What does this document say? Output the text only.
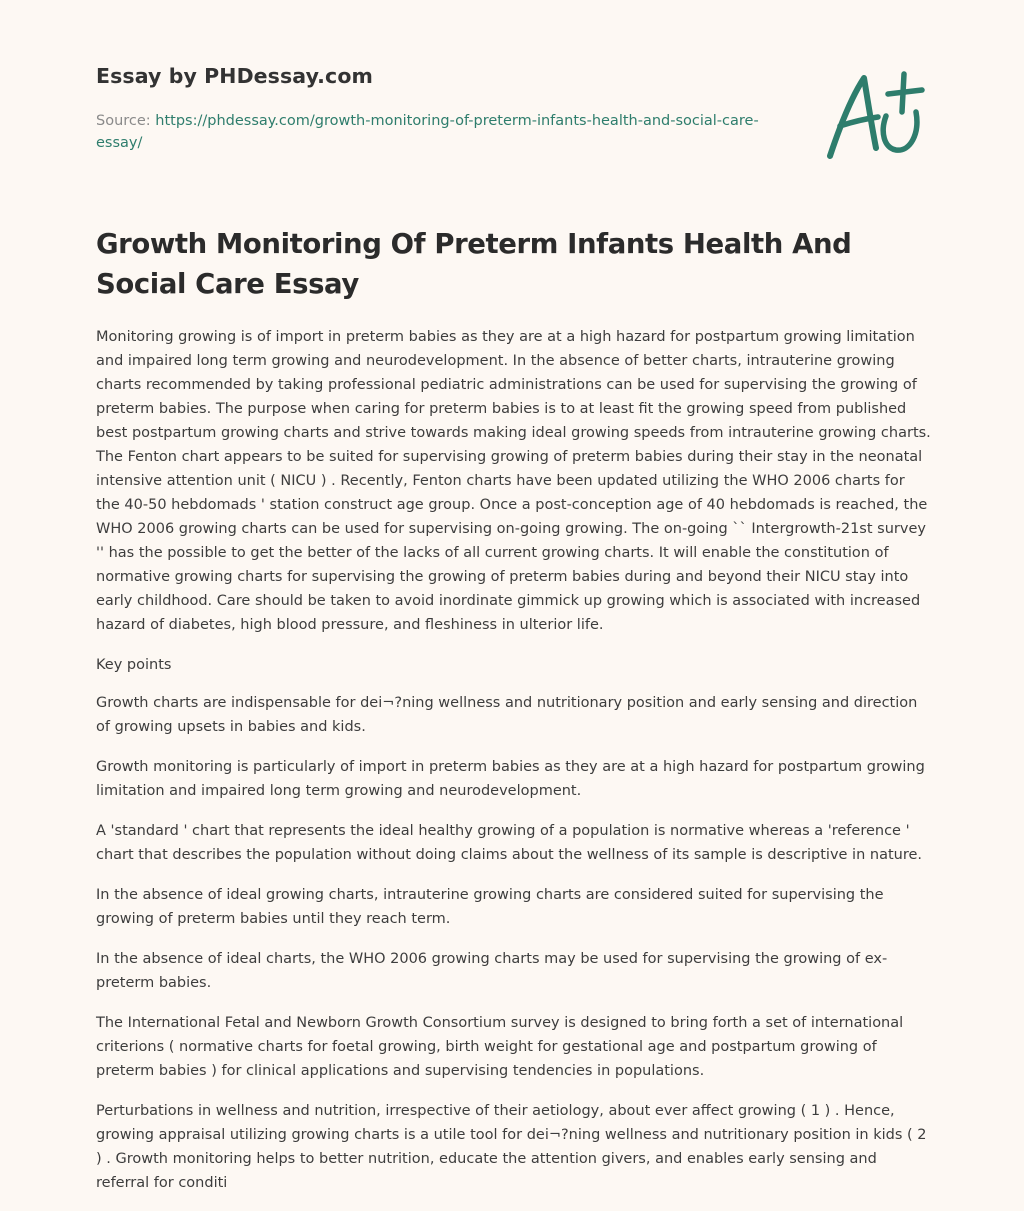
Essay by PHDessay.com
Source: https://phdessay.com/growth-monitoring-of-preterm-infants-health-and-social-care-essay/
Growth Monitoring Of Preterm Infants Health And Social Care Essay

Monitoring growing is of import in preterm babies as they are at a high hazard for postpartum growing limitation and impaired long term growing and neurodevelopment. In the absence of better charts, intrauterine growing charts recommended by taking professional pediatric administrations can be used for supervising the growing of preterm babies. The purpose when caring for preterm babies is to at least fit the growing speed from published best postpartum growing charts and strive towards making ideal growing speeds from intrauterine growing charts. The Fenton chart appears to be suited for supervising growing of preterm babies during their stay in the neonatal intensive attention unit ( NICU ) . Recently, Fenton charts have been updated utilizing the WHO 2006 charts for the 40-50 hebdomads ' station construct age group. Once a post-conception age of 40 hebdomads is reached, the WHO 2006 growing charts can be used for supervising on-going growing. The on-going `` Intergrowth-21st survey '' has the possible to get the better of the lacks of all current growing charts. It will enable the constitution of normative growing charts for supervising the growing of preterm babies during and beyond their NICU stay into early childhood. Care should be taken to avoid inordinate gimmick up growing which is associated with increased hazard of diabetes, high blood pressure, and fleshiness in ulterior life.

Key points

Growth charts are indispensable for dei¬?ning wellness and nutritionary position and early sensing and direction of growing upsets in babies and kids.

Growth monitoring is particularly of import in preterm babies as they are at a high hazard for postpartum growing limitation and impaired long term growing and neurodevelopment.

A 'standard ' chart that represents the ideal healthy growing of a population is normative whereas a 'reference ' chart that describes the population without doing claims about the wellness of its sample is descriptive in nature.

In the absence of ideal growing charts, intrauterine growing charts are considered suited for supervising the growing of preterm babies until they reach term.

In the absence of ideal charts, the WHO 2006 growing charts may be used for supervising the growing of ex-preterm babies.

The International Fetal and Newborn Growth Consortium survey is designed to bring forth a set of international criterions ( normative charts for foetal growing, birth weight for gestational age and postpartum growing of preterm babies ) for clinical applications and supervising tendencies in populations.

Perturbations in wellness and nutrition, irrespective of their aetiology, about ever affect growing ( 1 ) . Hence, growing appraisal utilizing growing charts is a utile tool for dei¬?ning wellness and nutritionary position in kids ( 2 ) . Growth monitoring helps to better nutrition, educate the attention givers, and enables early sensing and referral for conditi
